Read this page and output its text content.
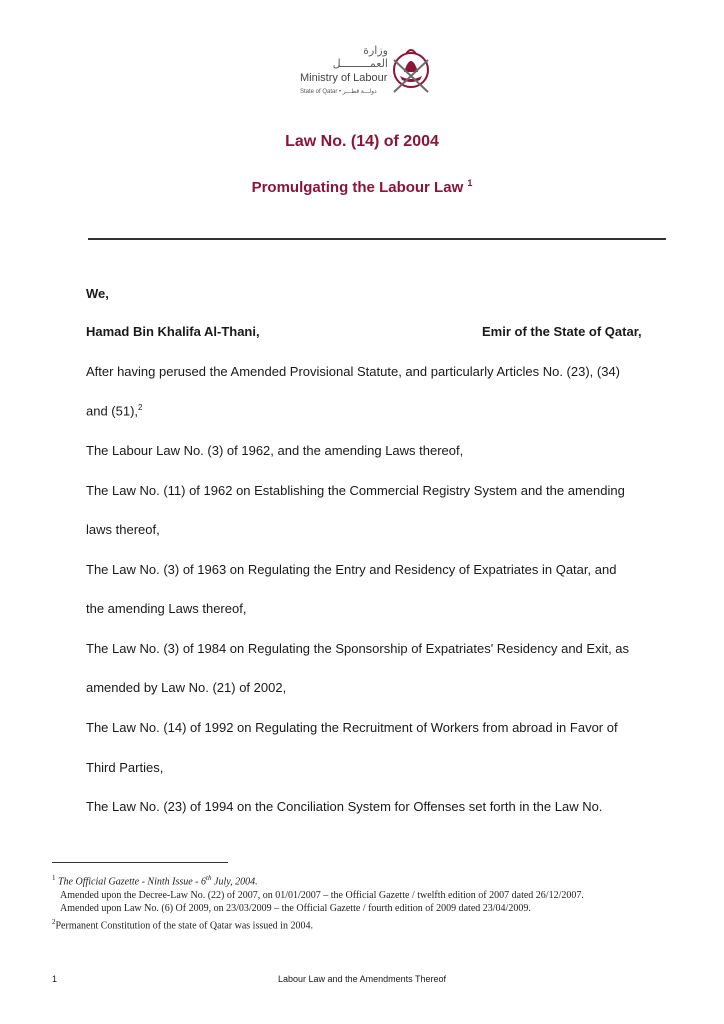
وزارة العمـــــــــل
Ministry of Labour
State of Qatar • دولـــة قطـــر
Law No. (14) of 2004
Promulgating the Labour Law $^1$
We,
Hamad Bin Khalifa Al-Thani,	Emir of the State of Qatar,
After having perused the Amended Provisional Statute, and particularly Articles No. (23), (34)
and (51),$^2$
The Labour Law No. (3) of 1962, and the amending Laws thereof,
The Law No. (11) of 1962 on Establishing the Commercial Registry System and the amending
laws thereof,
The Law No. (3) of 1963 on Regulating the Entry and Residency of Expatriates in Qatar, and
the amending Laws thereof,
The Law No. (3) of 1984 on Regulating the Sponsorship of Expatriates' Residency and Exit, as
amended by Law No. (21) of 2002,
The Law No. (14) of 1992 on Regulating the Recruitment of Workers from abroad in Favor of
Third Parties,
The Law No. (23) of 1994 on the Conciliation System for Offenses set forth in the Law No.
$^1$ The Official Gazette - Ninth Issue - 6th July, 2004.
Amended upon the Decree-Law No. (22) of 2007, on 01/01/2007 – the Official Gazette / twelfth edition of 2007 dated 26/12/2007.
Amended upon Law No. (6) Of 2009, on 23/03/2009 – the Official Gazette / fourth edition of 2009 dated 23/04/2009.
$^2$Permanent Constitution of the state of Qatar was issued in 2004.
1	Labour Law and the Amendments Thereof
